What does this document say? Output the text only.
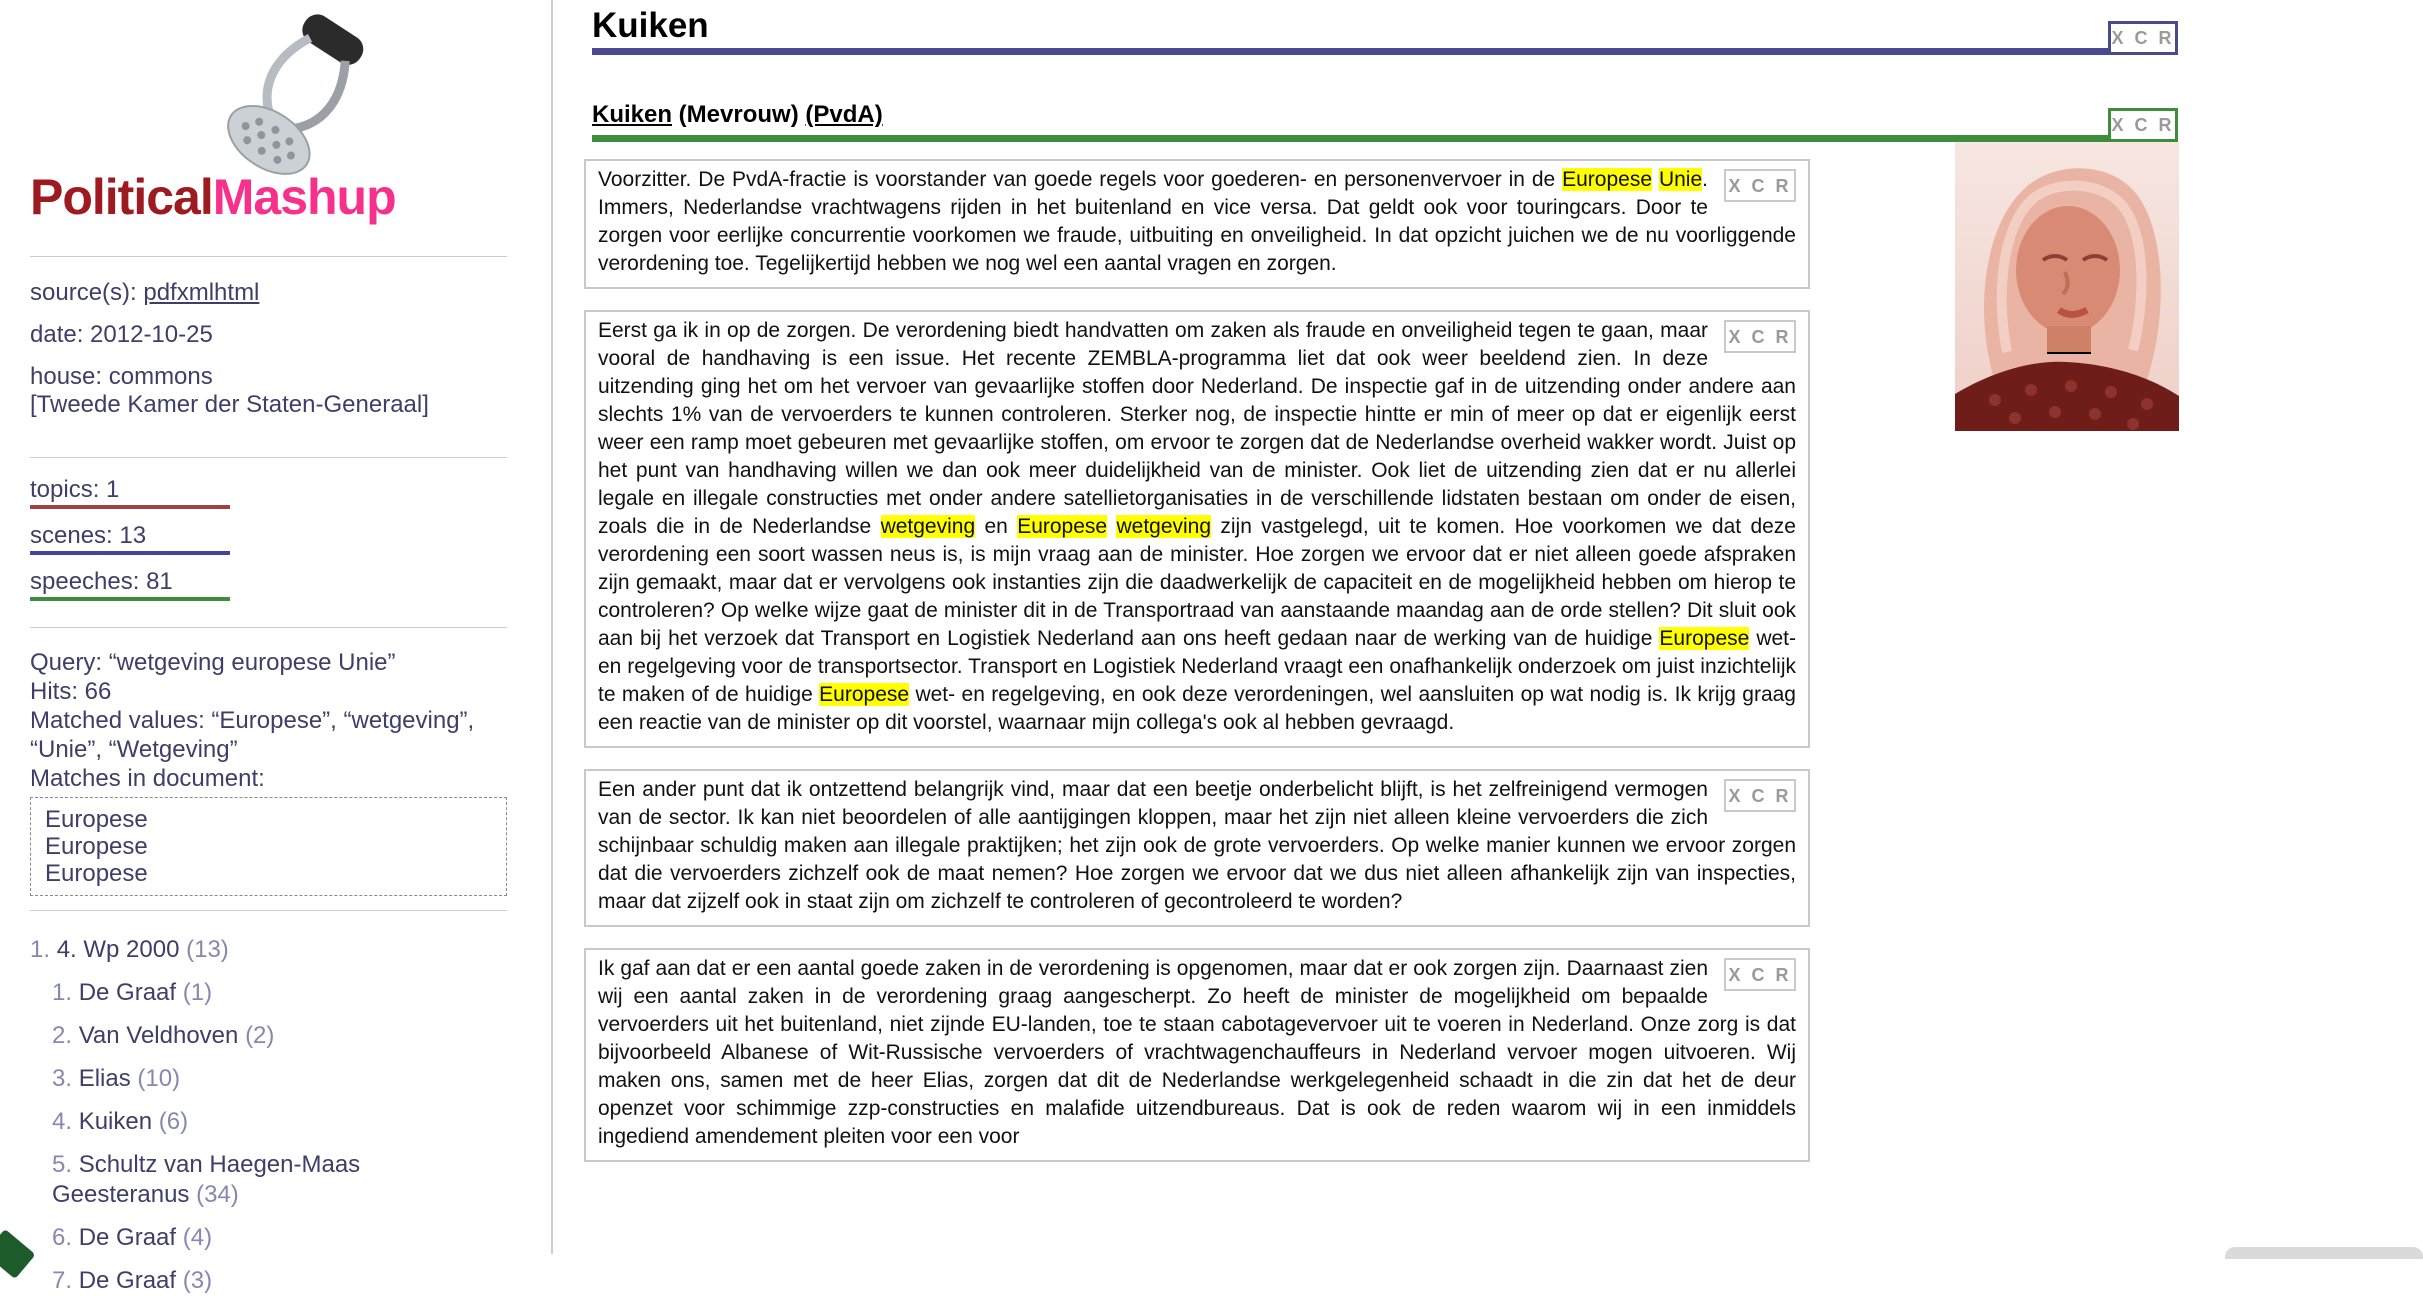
PoliticalMashup
source(s): pdfxmlhtml
date: 2012-10-25
house: commons
[Tweede Kamer der Staten-Generaal]
topics: 1
scenes: 13
speeches: 81
Query: “wetgeving europese Unie”
Hits: 66
Matched values: “Europese”, “wetgeving”, “Unie”, “Wetgeving”
Matches in document:
Europese
Europese
Europese
1. 4. Wp 2000 (13)
1. De Graaf (1)
2. Van Veldhoven (2)
3. Elias (10)
4. Kuiken (6)
5. Schultz van Haegen-Maas Geesteranus (34)
6. De Graaf (4)
7. De Graaf (3)
Kuiken	X C R
Kuiken (Mevrouw) (PvdA)	X C R
X C R
Voorzitter. De PvdA-fractie is voorstander van goede regels voor goederen- en personenvervoer in de Europese Unie. Immers, Nederlandse vrachtwagens rijden in het buitenland en vice versa. Dat geldt ook voor touringcars. Door te zorgen voor eerlijke concurrentie voorkomen we fraude, uitbuiting en onveiligheid. In dat opzicht juichen we de nu voorliggende verordening toe. Tegelijkertijd hebben we nog wel een aantal vragen en zorgen.
X C R
Eerst ga ik in op de zorgen. De verordening biedt handvatten om zaken als fraude en onveiligheid tegen te gaan, maar vooral de handhaving is een issue. Het recente ZEMBLA-programma liet dat ook weer beeldend zien. In deze uitzending ging het om het vervoer van gevaarlijke stoffen door Nederland. De inspectie gaf in de uitzending onder andere aan slechts 1% van de vervoerders te kunnen controleren. Sterker nog, de inspectie hintte er min of meer op dat er eigenlijk eerst weer een ramp moet gebeuren met gevaarlijke stoffen, om ervoor te zorgen dat de Nederlandse overheid wakker wordt. Juist op het punt van handhaving willen we dan ook meer duidelijkheid van de minister. Ook liet de uitzending zien dat er nu allerlei legale en illegale constructies met onder andere satellietorganisaties in de verschillende lidstaten bestaan om onder de eisen, zoals die in de Nederlandse wetgeving en Europese wetgeving zijn vastgelegd, uit te komen. Hoe voorkomen we dat deze verordening een soort wassen neus is, is mijn vraag aan de minister. Hoe zorgen we ervoor dat er niet alleen goede afspraken zijn gemaakt, maar dat er vervolgens ook instanties zijn die daadwerkelijk de capaciteit en de mogelijkheid hebben om hierop te controleren? Op welke wijze gaat de minister dit in de Transportraad van aanstaande maandag aan de orde stellen? Dit sluit ook aan bij het verzoek dat Transport en Logistiek Nederland aan ons heeft gedaan naar de werking van de huidige Europese wet- en regelgeving voor de transportsector. Transport en Logistiek Nederland vraagt een onafhankelijk onderzoek om juist inzichtelijk te maken of de huidige Europese wet- en regelgeving, en ook deze verordeningen, wel aansluiten op wat nodig is. Ik krijg graag een reactie van de minister op dit voorstel, waarnaar mijn collega's ook al hebben gevraagd.
X C R
Een ander punt dat ik ontzettend belangrijk vind, maar dat een beetje onderbelicht blijft, is het zelfreinigend vermogen van de sector. Ik kan niet beoordelen of alle aantijgingen kloppen, maar het zijn niet alleen kleine vervoerders die zich schijnbaar schuldig maken aan illegale praktijken; het zijn ook de grote vervoerders. Op welke manier kunnen we ervoor zorgen dat die vervoerders zichzelf ook de maat nemen? Hoe zorgen we ervoor dat we dus niet alleen afhankelijk zijn van inspecties, maar dat zijzelf ook in staat zijn om zichzelf te controleren of gecontroleerd te worden?
X C R
Ik gaf aan dat er een aantal goede zaken in de verordening is opgenomen, maar dat er ook zorgen zijn. Daarnaast zien wij een aantal zaken in de verordening graag aangescherpt. Zo heeft de minister de mogelijkheid om bepaalde vervoerders uit het buitenland, niet zijnde EU-landen, toe te staan cabotagevervoer uit te voeren in Nederland. Onze zorg is dat bijvoorbeeld Albanese of Wit-Russische vervoerders of vrachtwagenchauffeurs in Nederland vervoer mogen uitvoeren. Wij maken ons, samen met de heer Elias, zorgen dat dit de Nederlandse werkgelegenheid schaadt in die zin dat het de deur openzet voor schimmige zzp-constructies en malafide uitzendbureaus. Dat is ook de reden waarom wij in een inmiddels ingediend amendement pleiten voor een voor
